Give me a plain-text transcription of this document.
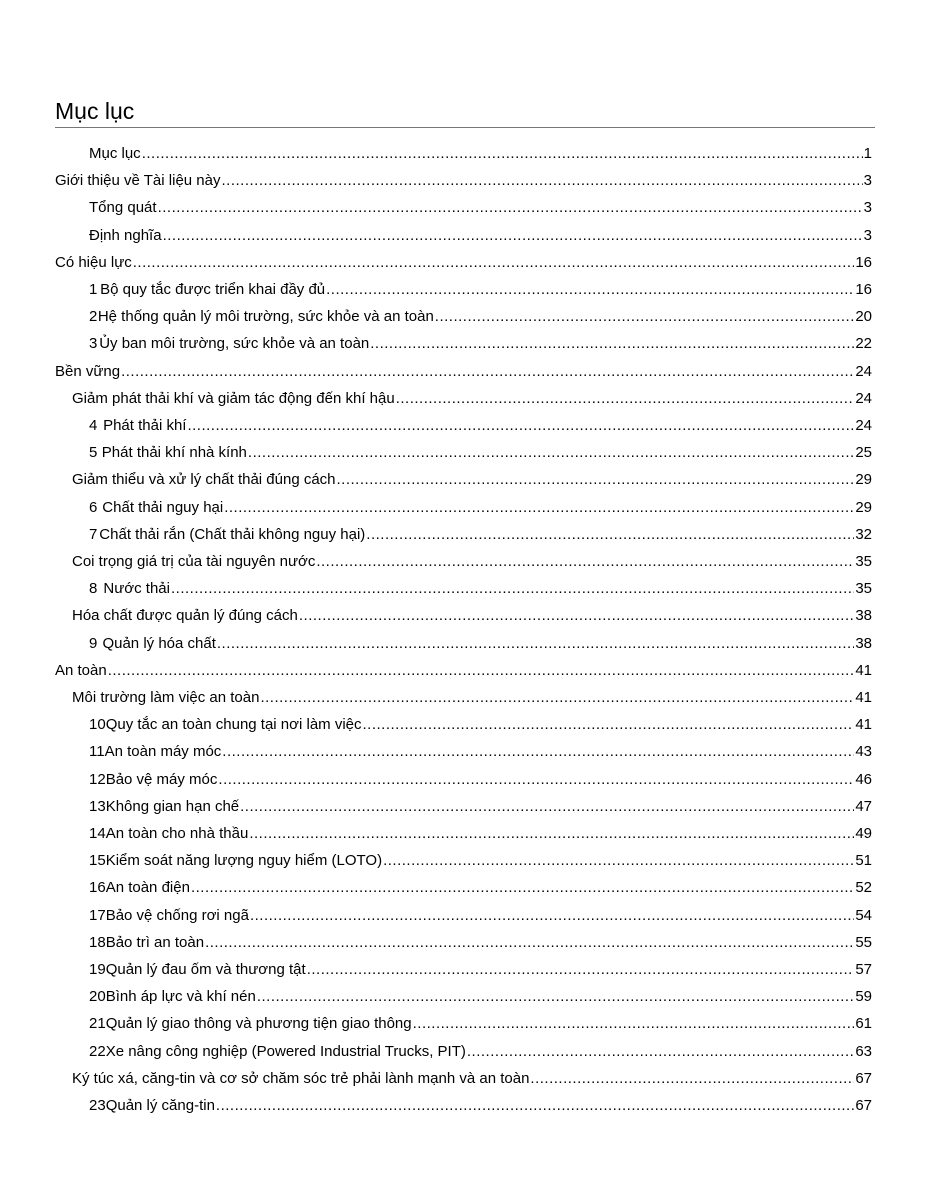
Mục lục
Mục lục .....	1
Giới thiệu về Tài liệu này .....	3
Tổng quát .....	3
Định nghĩa .....	3
Có hiệu lực .....	16
1 Bộ quy tắc được triển khai đầy đủ .....	16
2 Hệ thống quản lý môi trường, sức khỏe và an toàn .....	20
3 Ủy ban môi trường, sức khỏe và an toàn .....	22
Bền vững .....	24
Giảm phát thải khí và giảm tác động đến khí hậu .....	24
4 Phát thải khí .....	24
5 Phát thải khí nhà kính .....	25
Giảm thiểu và xử lý chất thải đúng cách .....	29
6 Chất thải nguy hại .....	29
7 Chất thải rắn (Chất thải không nguy hại) .....	32
Coi trọng giá trị của tài nguyên nước .....	35
8 Nước thải .....	35
Hóa chất được quản lý đúng cách .....	38
9 Quản lý hóa chất .....	38
An toàn .....	41
Môi trường làm việc an toàn .....	41
10 Quy tắc an toàn chung tại nơi làm việc .....	41
11 An toàn máy móc .....	43
12 Bảo vệ máy móc .....	46
13 Không gian hạn chế .....	47
14 An toàn cho nhà thầu .....	49
15 Kiểm soát năng lượng nguy hiểm (LOTO) .....	51
16 An toàn điện .....	52
17 Bảo vệ chống rơi ngã .....	54
18 Bảo trì an toàn .....	55
19 Quản lý đau ốm và thương tật .....	57
20 Bình áp lực và khí nén .....	59
21 Quản lý giao thông và phương tiện giao thông .....	61
22 Xe nâng công nghiệp (Powered Industrial Trucks, PIT) .....	63
Ký túc xá, căng-tin và cơ sở chăm sóc trẻ phải lành mạnh và an toàn .....	67
23 Quản lý căng-tin .....	67
